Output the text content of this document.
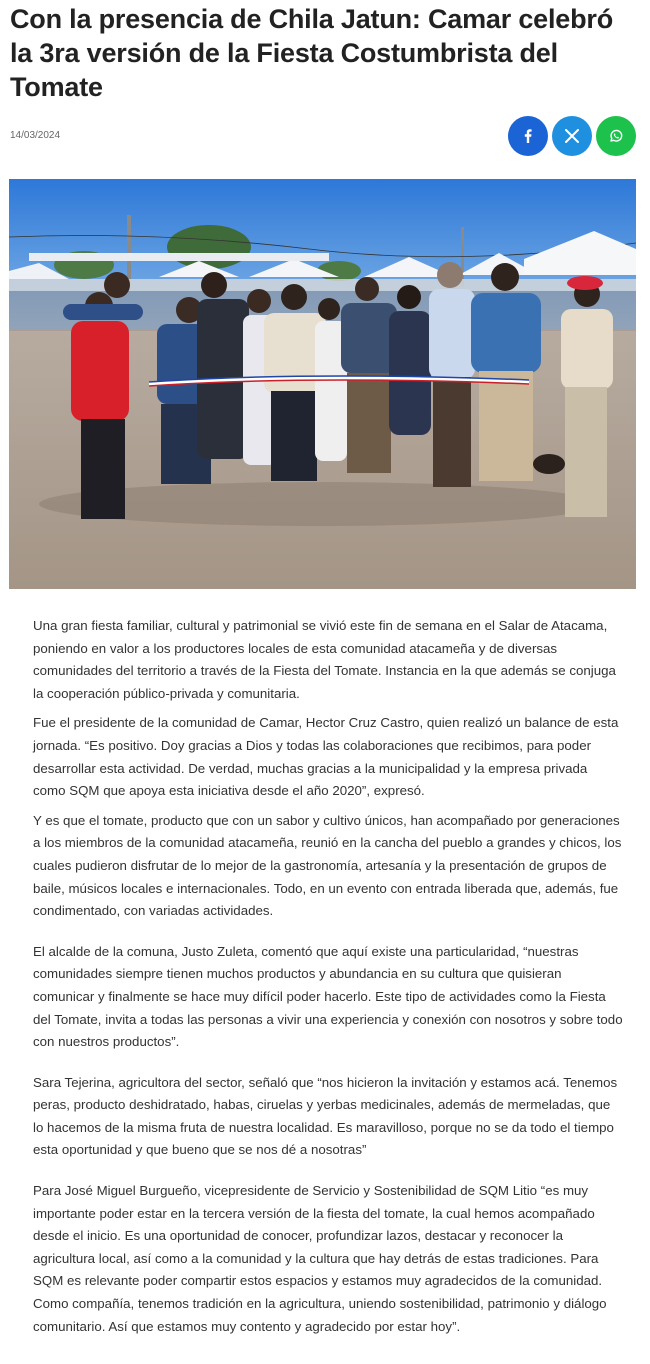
Con la presencia de Chila Jatun: Camar celebró la 3ra versión de la Fiesta Costumbrista del Tomate
14/03/2024

Una gran fiesta familiar, cultural y patrimonial se vivió este fin de semana en el Salar de Atacama, poniendo en valor a los productores locales de esta comunidad atacameña y de diversas comunidades del territorio a través de la Fiesta del Tomate. Instancia en la que además se conjuga la cooperación público-privada y comunitaria.

Fue el presidente de la comunidad de Camar, Hector Cruz Castro, quien realizó un balance de esta jornada. “Es positivo. Doy gracias a Dios y todas las colaboraciones que recibimos, para poder desarrollar esta actividad. De verdad, muchas gracias a la municipalidad y la empresa privada como SQM que apoya esta iniciativa desde el año 2020”, expresó.

Y es que el tomate, producto que con un sabor y cultivo únicos, han acompañado por generaciones a los miembros de la comunidad atacameña, reunió en la cancha del pueblo a grandes y chicos, los cuales pudieron disfrutar de lo mejor de la gastronomía, artesanía y la presentación de grupos de baile, músicos locales e internacionales. Todo, en un evento con entrada liberada que, además, fue condimentado, con variadas actividades.

El alcalde de la comuna, Justo Zuleta, comentó que aquí existe una particularidad, “nuestras comunidades siempre tienen muchos productos y abundancia en su cultura que quisieran comunicar y finalmente se hace muy difícil poder hacerlo. Este tipo de actividades como la Fiesta del Tomate, invita a todas las personas a vivir una experiencia y conexión con nosotros y sobre todo con nuestros productos”.

Sara Tejerina, agricultora del sector, señaló que “nos hicieron la invitación y estamos acá. Tenemos peras, producto deshidratado, habas, ciruelas y yerbas medicinales, además de mermeladas, que lo hacemos de la misma fruta de nuestra localidad. Es maravilloso, porque no se da todo el tiempo esta oportunidad y que bueno que se nos dé a nosotras”

Para José Miguel Burgueño, vicepresidente de Servicio y Sostenibilidad de SQM Litio “es muy importante poder estar en la tercera versión de la fiesta del tomate, la cual hemos acompañado desde el inicio. Es una oportunidad de conocer, profundizar lazos, destacar y reconocer la agricultura local, así como a la comunidad y la cultura que hay detrás de estas tradiciones. Para SQM es relevante poder compartir estos espacios y estamos muy agradecidos de la comunidad. Como compañía, tenemos tradición en la agricultura, uniendo sostenibilidad, patrimonio y diálogo comunitario. Así que estamos muy contento y agradecido por estar hoy”.
